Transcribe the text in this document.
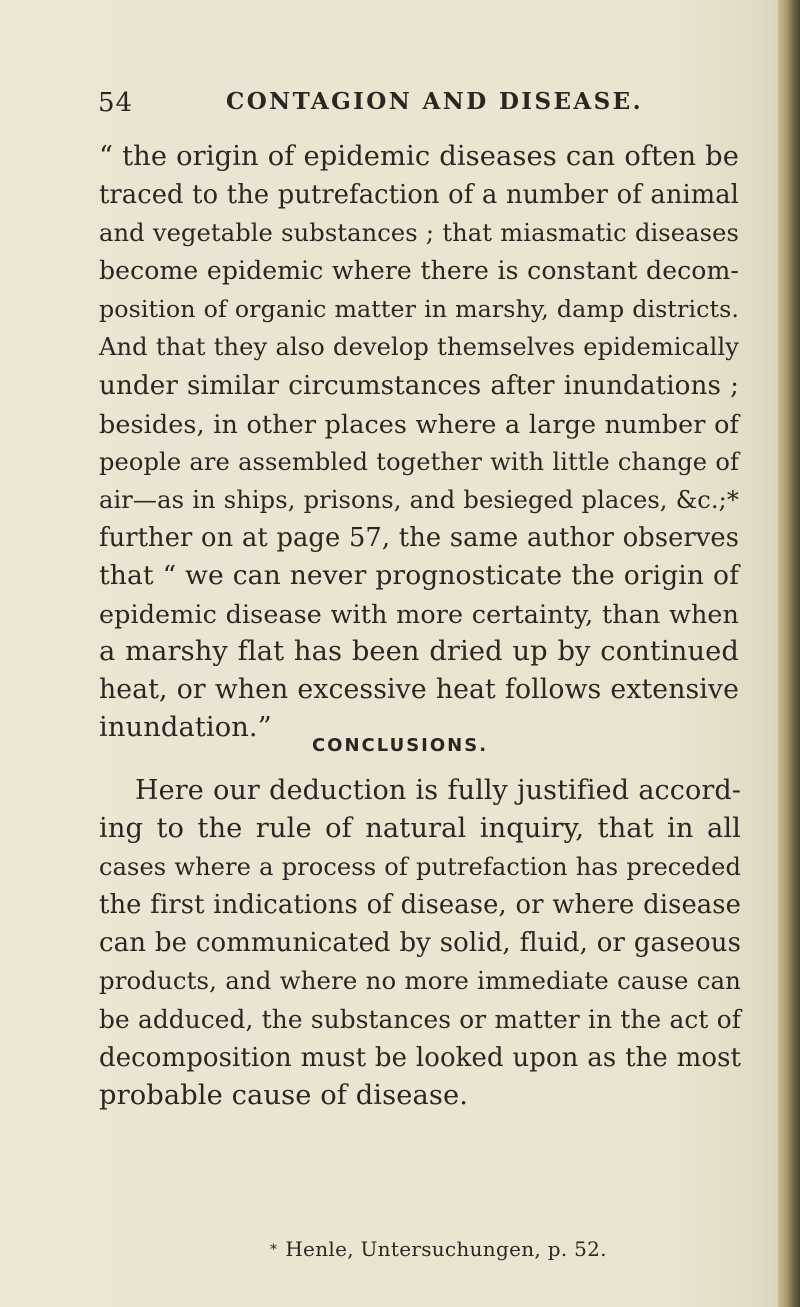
54	CONTAGION AND DISEASE.
“ the origin of epidemic diseases can often be
traced to the putrefaction of a number of animal
and vegetable substances ; that miasmatic diseases
become epidemic where there is constant decom-
position of organic matter in marshy, damp districts.
And that they also develop themselves epidemically
under similar circumstances after inundations ;
besides, in other places where a large number of
people are assembled together with little change of
air—as in ships, prisons, and besieged places, &c.;*
further on at page 57, the same author observes
that “ we can never prognosticate the origin of
epidemic disease with more certainty, than when
a marshy flat has been dried up by continued
heat, or when excessive heat follows extensive
inundation.”
CONCLUSIONS.
Here our deduction is fully justified accord-
ing to the rule of natural inquiry, that in all
cases where a process of putrefaction has preceded
the first indications of disease, or where disease
can be communicated by solid, fluid, or gaseous
products, and where no more immediate cause can
be adduced, the substances or matter in the act of
decomposition must be looked upon as the most
probable cause of disease.
* Henle, Untersuchungen, p. 52.
